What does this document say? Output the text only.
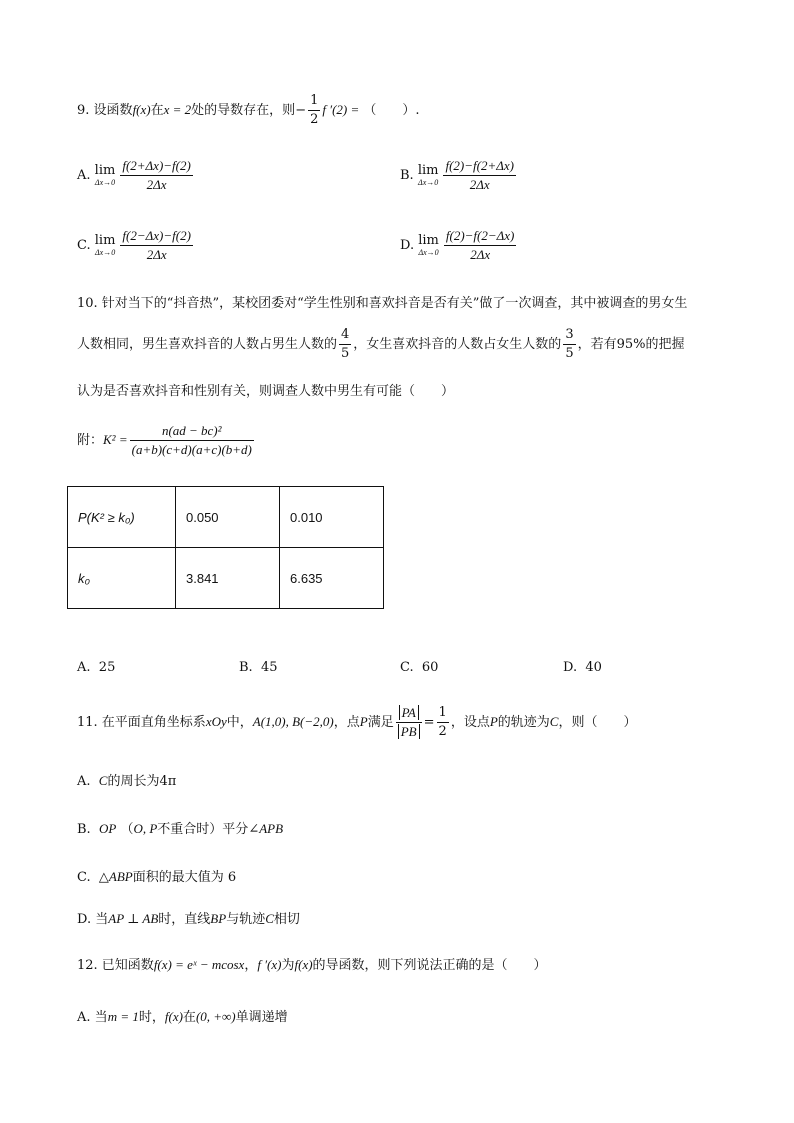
9. 设函数f(x)在x = 2处的导数存在，则− $\frac{1}{2}$ f ′(2) = （　　）.
A. lim
$\Delta x\to 0 \frac{f(2+\Delta x)-f(2)}{2\Delta x}$	B. lim
$\Delta x\to 0 \frac{f(2)-f(2+\Delta x)}{2\Delta x}$
C. lim
$\Delta x\to 0 \frac{f(2-\Delta x)-f(2)}{2\Delta x}$	D. lim
$\Delta x\to 0 \frac{f(2)-f(2-\Delta x)}{2\Delta x}$
10. 针对当下的“抖音热”，某校团委对“学生性别和喜欢抖音是否有关”做了一次调查，其中被调查的男女生
人数相同，男生喜欢抖音的人数占男生人数的 $\frac{4}{5}$ ，女生喜欢抖音的人数占女生人数的 $\frac{3}{5}$ ，若有95%的把握
认为是否喜欢抖音和性别有关，则调查人数中男生有可能（　　）
附：$K^2 = \frac{\text{n(ad − bc)²}}{(a+b)(c+d)(a+c)(b+d)}$
P(K² ≥ k₀)	0.050	0.010
k₀	3.841	6.635
A. 25	B. 45	C. 60	D. 40
11. 在平面直角坐标系xOy中，A(1,0), B(−2,0)，点P满足 $\frac{PA}{PB} = \frac{1}{2}$ ，设点P的轨迹为C，则（　　）
A. C的周长为4π
B. OP （O, P不重合时）平分∠APB
C. △ABP面积的最大值为 6
D. 当AP ⊥ AB时，直线BP与轨迹C相切
12. 已知函数f(x) = eˣ − mcosx，f ′(x)为f(x)的导函数，则下列说法正确的是（　　）
A. 当m = 1时，f(x)在(0, +∞)单调递增
